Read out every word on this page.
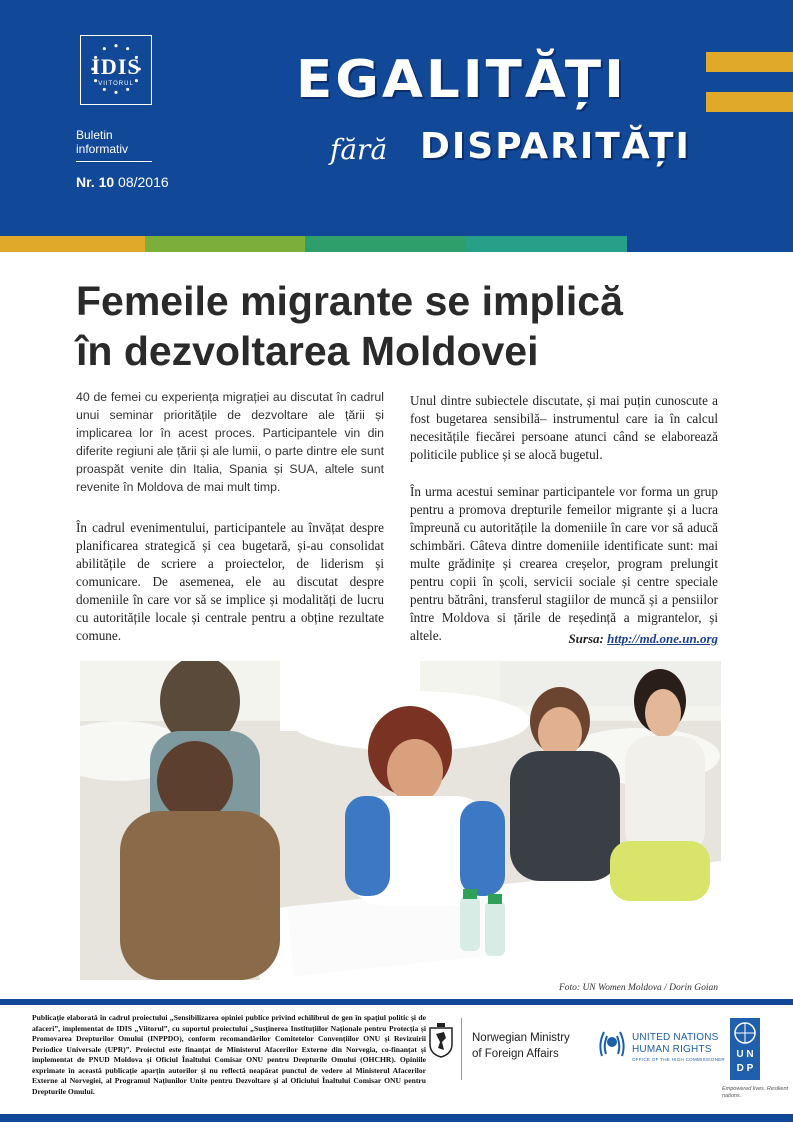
IDIS
VIITORUL
Buletin informativ
Nr. 10 08/2016
EGALITĂȚI
fără DISPARITĂȚI
Femeile migrante se implică
în dezvoltarea Moldovei

40 de femei cu experiența migrației au discutat în cadrul unui seminar prioritățile de dezvoltare ale țării și implicarea lor în acest proces. Participantele vin din diferite regiuni ale țării și ale lumii, o parte dintre ele sunt proaspăt venite din Italia, Spania și SUA, altele sunt revenite în Moldova de mai mult timp.

În cadrul evenimentului, participantele au învățat despre planificarea strategică și cea bugetară, și-au consolidat abilitățile de scriere a proiectelor, de liderism și comunicare. De asemenea, ele au discutat despre domeniile în care vor să se implice și modalități de lucru cu autoritățile locale și centrale pentru a obține rezultate comune.

Unul dintre subiectele discutate, și mai puțin cunoscute a fost bugetarea sensibilă– instrumentul care ia în calcul necesitățile fiecărei persoane atunci când se elaborează politicile publice și se alocă bugetul.

În urma acestui seminar participantele vor forma un grup pentru a promova drepturile femeilor migrante și a lucra împreună cu autoritățile la domeniile în care vor să aducă schimbări. Câteva dintre domeniile identificate sunt: mai multe grădinițe și crearea creșelor, program prelungit pentru copii în școli, servicii sociale și centre speciale pentru bătrâni, transferul stagiilor de muncă și a pensiilor între Moldova si țările de reședință a migrantelor, și altele.	Sursa: http://md.one.un.org
Foto: UN Women Moldova / Dorin Goian

Publicație elaborată în cadrul proiectului „Sensibilizarea opiniei publice privind echilibrul de gen în spațiul politic și de afaceri”, implementat de IDIS „Viitorul”, cu suportul proiectului „Susținerea Instituțiilor Naționale pentru Protecția și Promovarea Drepturilor Omului (INPPDO), conform recomandărilor Comitetelor Convențiilor ONU și Revizuirii Periodice Universale (UPR)”. Proiectul este finanțat de Ministerul Afacerilor Externe din Norvegia, co-finanțat și implementat de PNUD Moldova și Oficiul Înaltului Comisar ONU pentru Drepturile Omului (OHCHR). Opiniile exprimate în această publicație aparțin autorilor și nu reflectă neapărat punctul de vedere al Ministerul Afacerilor Externe al Norvegiei, al Programul Națiunilor Unite pentru Dezvoltare și al Oficiului Înaltului Comisar ONU pentru Drepturile Omului.

Norwegian Ministry
of Foreign Affairs
UNITED NATIONS
HUMAN RIGHTS
OFFICE OF THE HIGH COMMISSIONER	U N
D P
Empowered lives. Resilient nations.
